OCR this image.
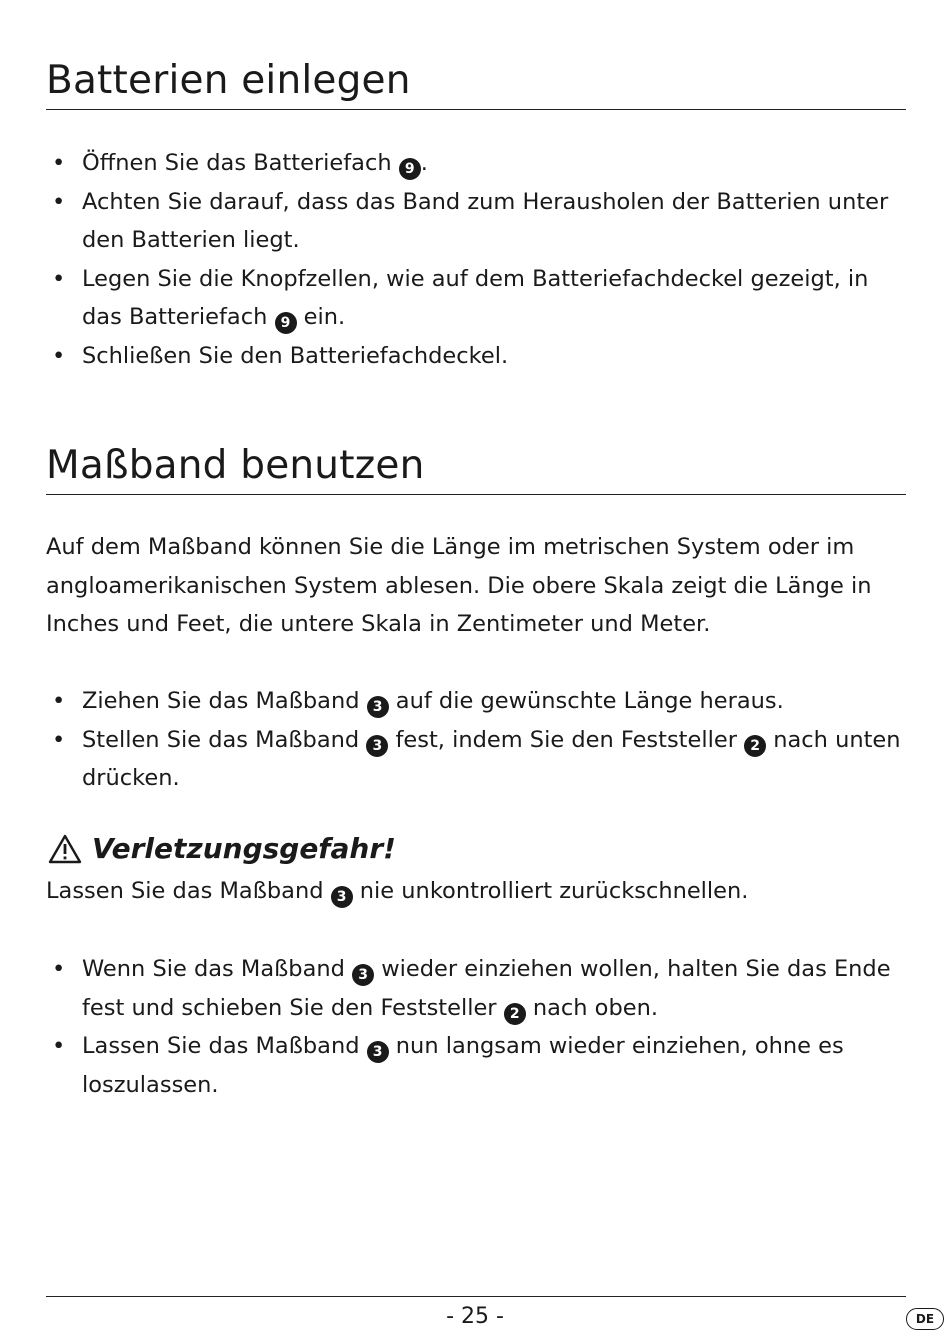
Batterien einlegen
• Öffnen Sie das Batteriefach 9 .
• Achten Sie darauf, dass das Band zum Herausholen der Batterien unter den Batterien liegt.
• Legen Sie die Knopfzellen, wie auf dem Batteriefachdeckel gezeigt, in das Batteriefach 9 ein.
• Schließen Sie den Batteriefachdeckel.
Maßband benutzen

Auf dem Maßband können Sie die Länge im metrischen System oder im angloamerikanischen System ablesen. Die obere Skala zeigt die Länge in Inches und Feet, die untere Skala in Zentimeter und Meter.

• Ziehen Sie das Maßband 3 auf die gewünschte Länge heraus.
• Stellen Sie das Maßband 3 fest, indem Sie den Feststeller 2 nach unten drücken.
Verletzungsgefahr!

Lassen Sie das Maßband 3 nie unkontrolliert zurückschnellen.

• Wenn Sie das Maßband 3 wieder einziehen wollen, halten Sie das Ende fest und schieben Sie den Feststeller 2 nach oben.
• Lassen Sie das Maßband 3 nun langsam wieder einziehen, ohne es loszulassen.
- 25 -	DE
